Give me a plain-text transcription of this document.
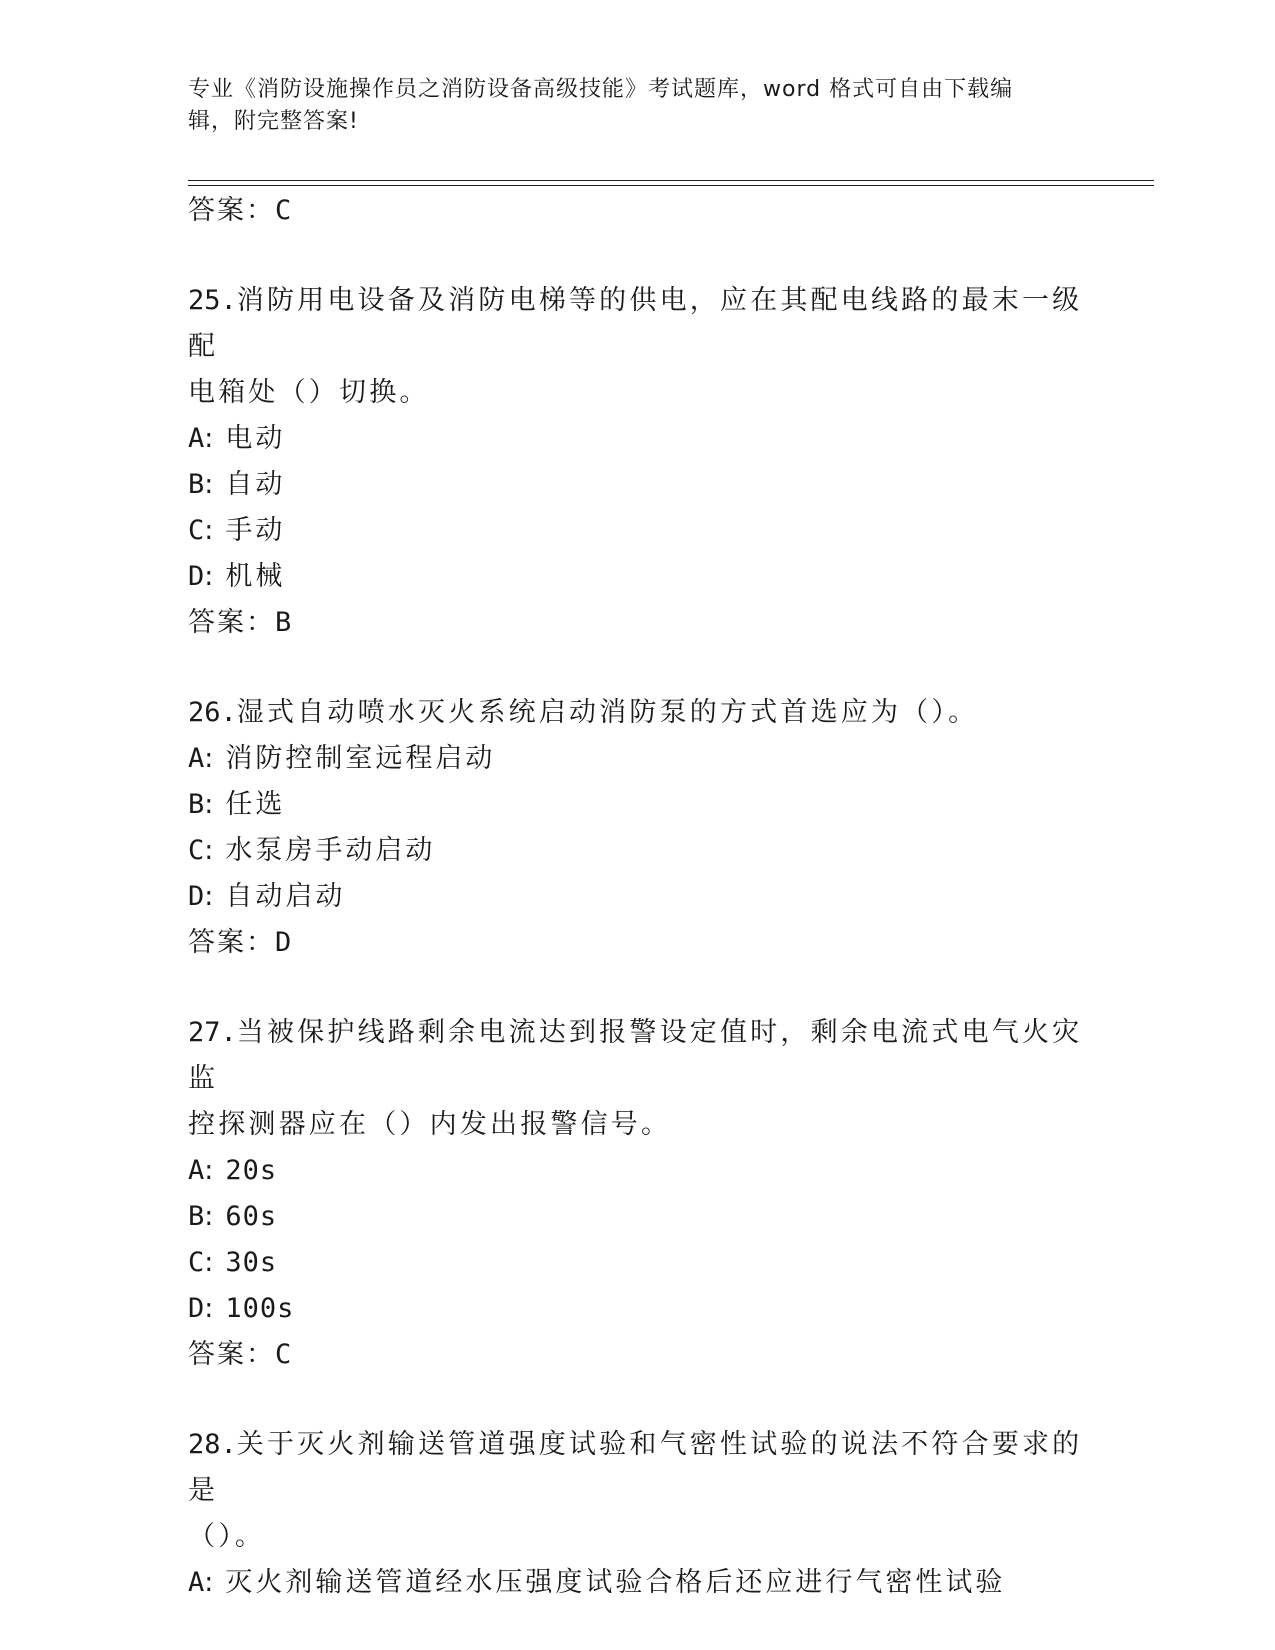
专业《消防设施操作员之消防设备高级技能》考试题库，word 格式可自由下载编
辑，附完整答案!
答案：C
25.消防用电设备及消防电梯等的供电，应在其配电线路的最末一级配
电箱处（）切换。
A: 电动
B: 自动
C: 手动
D: 机械
答案：B
26.湿式自动喷水灭火系统启动消防泵的方式首选应为（）。
A: 消防控制室远程启动
B: 任选
C: 水泵房手动启动
D: 自动启动
答案：D
27.当被保护线路剩余电流达到报警设定值时，剩余电流式电气火灾监
控探测器应在（）内发出报警信号。
A: 20s
B: 60s
C: 30s
D: 100s
答案：C
28.关于灭火剂输送管道强度试验和气密性试验的说法不符合要求的是
（）。
A: 灭火剂输送管道经水压强度试验合格后还应进行气密性试验
